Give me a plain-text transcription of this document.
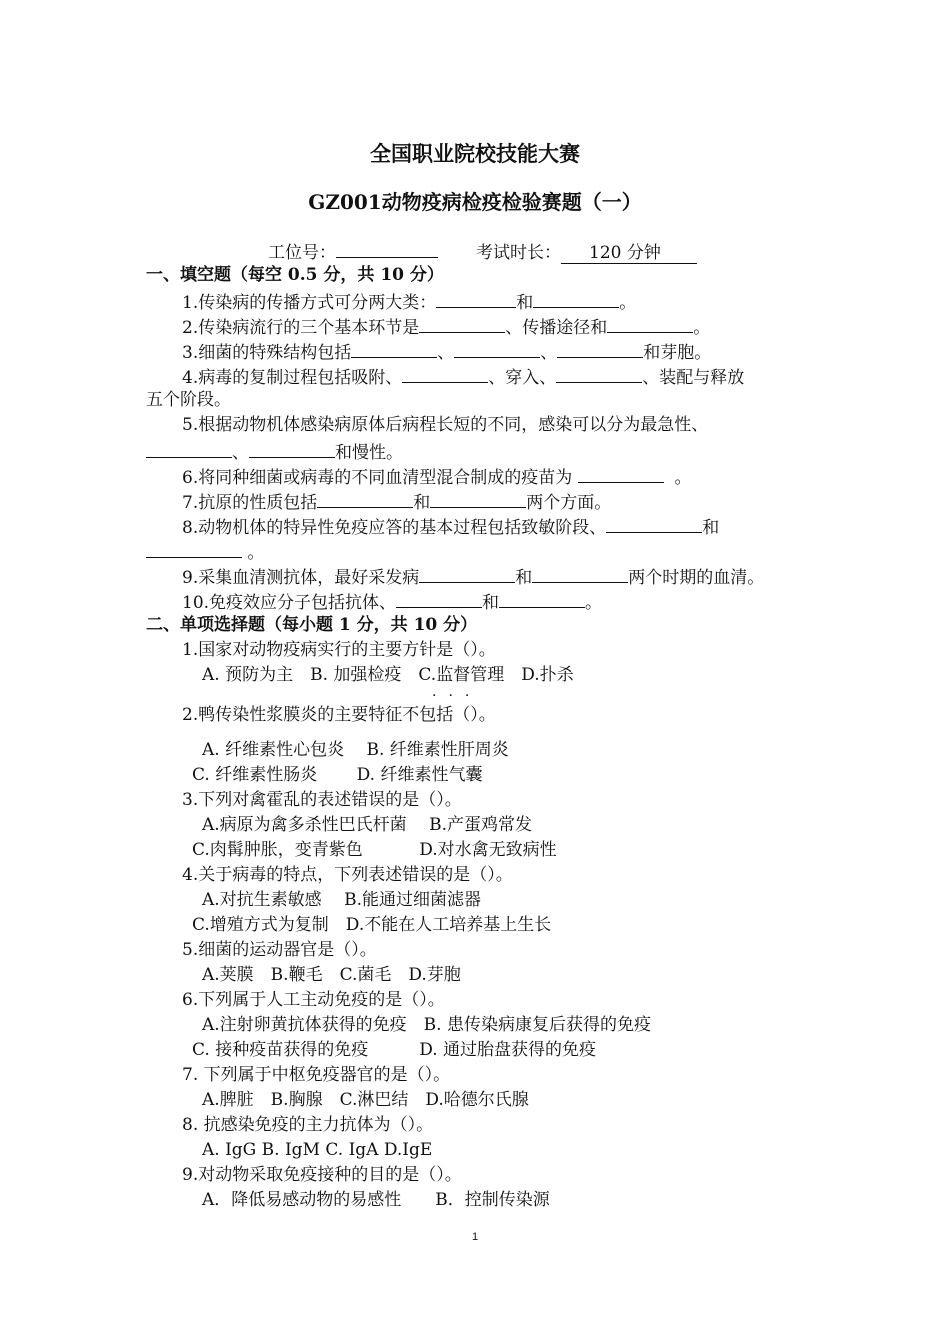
全国职业院校技能大赛
GZ001动物疫病检疫检验赛题（一）
工位号：	考试时长： 120 分钟
一、填空题（每空 0.5 分，共 10 分）
1.传染病的传播方式可分两大类：	和	。
2.传染病流行的三个基本环节是	、传播途径和	。
3.细菌的特殊结构包括	、	、	和芽胞。
4.病毒的复制过程包括吸附、	、穿入、	、装配与释放
五个阶段。
5.根据动物机体感染病原体后病程长短的不同，感染可以分为最急性、
、	和慢性。
6.将同种细菌或病毒的不同血清型混合制成的疫苗为	。
7.抗原的性质包括	和	两个方面。
8.动物机体的特异性免疫应答的基本过程包括致敏阶段、	和
。
9.采集血清测抗体，最好采发病	和	两个时期的血清。
10.免疫效应分子包括抗体、	和	。
二、单项选择题（每小题 1 分，共 10 分）
1.国家对动物疫病实行的主要方针是（）。
A. 预防为主　B. 加强检疫　C.监督管理　D.扑杀
···
2.鸭传染性浆膜炎的主要特征不包括（）。
A. 纤维素性心包炎　 B. 纤维素性肝周炎
C. 纤维素性肠炎　　 D. 纤维素性气囊
3.下列对禽霍乱的表述错误的是（）。
A.病原为禽多杀性巴氏杆菌　 B.产蛋鸡常发
C.肉髯肿胀，变青紫色　　　 D.对水禽无致病性
4.关于病毒的特点，下列表述错误的是（）。
A.对抗生素敏感　 B.能通过细菌滤器
C.增殖方式为复制　D.不能在人工培养基上生长
5.细菌的运动器官是（）。
A.荚膜　B.鞭毛　C.菌毛　D.芽胞
6.下列属于人工主动免疫的是（）。
A.注射卵黄抗体获得的免疫　B. 患传染病康复后获得的免疫
C. 接种疫苗获得的免疫　　　D. 通过胎盘获得的免疫
7. 下列属于中枢免疫器官的是（）。
A.脾脏　B.胸腺　C.淋巴结　D.哈德尔氏腺
8. 抗感染免疫的主力抗体为（）。
A. IgG B. IgM C. IgA D.IgE
9.对动物采取免疫接种的目的是（）。
A．降低易感动物的易感性　　B．控制传染源
1
